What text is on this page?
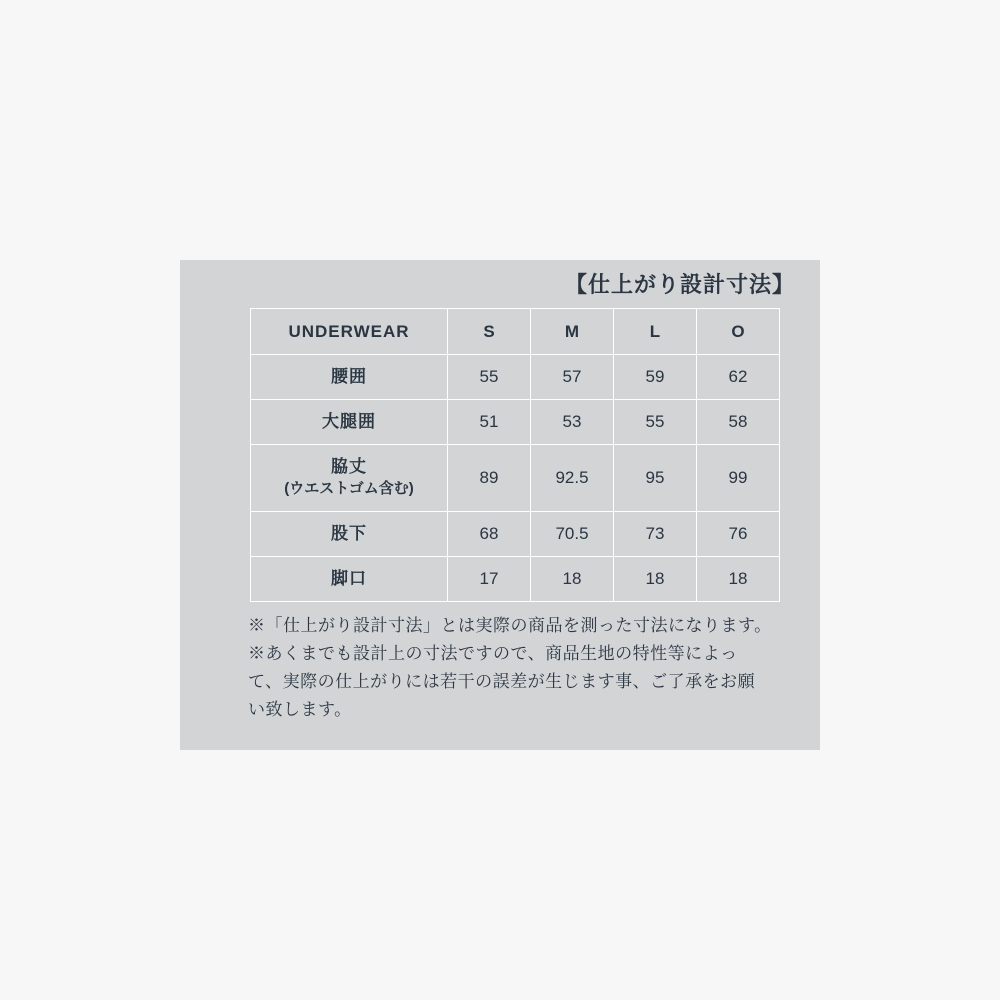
【仕上がり設計寸法】
UNDERWEAR	S	M	L	O
腰囲	55	57	59	62
大腿囲	51	53	55	58
脇丈
(ウエストゴム含む)	89	92.5	95	99
股下	68	70.5	73	76
脚口	17	18	18	18

※「仕上がり設計寸法」とは実際の商品を測った寸法になります。

※あくまでも設計上の寸法ですので、商品生地の特性等によっ

て、実際の仕上がりには若干の誤差が生じます事、ご了承をお願

い致します。
